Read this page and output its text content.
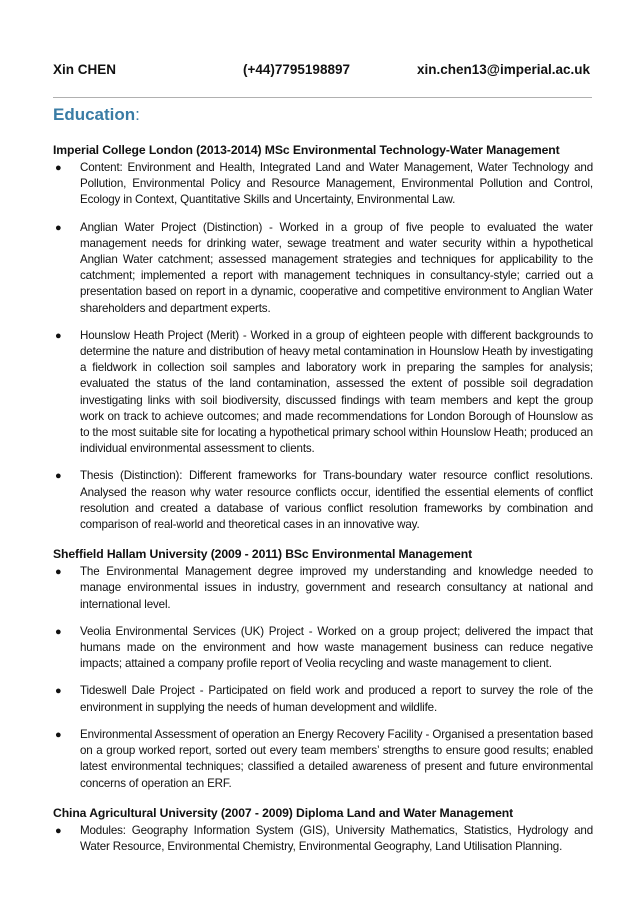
Xin CHEN	(+44)7795198897	xin.chen13@imperial.ac.uk
Education:
Imperial College London (2013-2014) MSc Environmental Technology-Water Management
● Content: Environment and Health, Integrated Land and Water Management, Water Technology and Pollution, Environmental Policy and Resource Management, Environmental Pollution and Control, Ecology in Context, Quantitative Skills and Uncertainty, Environmental Law.
● Anglian Water Project (Distinction) - Worked in a group of five people to evaluated the water management needs for drinking water, sewage treatment and water security within a hypothetical Anglian Water catchment; assessed management strategies and techniques for applicability to the catchment; implemented a report with management techniques in consultancy-style; carried out a presentation based on report in a dynamic, cooperative and competitive environment to Anglian Water shareholders and department experts.
● Hounslow Heath Project (Merit) - Worked in a group of eighteen people with different backgrounds to determine the nature and distribution of heavy metal contamination in Hounslow Heath by investigating a fieldwork in collection soil samples and laboratory work in preparing the samples for analysis; evaluated the status of the land contamination, assessed the extent of possible soil degradation investigating links with soil biodiversity, discussed findings with team members and kept the group work on track to achieve outcomes; and made recommendations for London Borough of Hounslow as to the most suitable site for locating a hypothetical primary school within Hounslow Heath; produced an individual environmental assessment to clients.
● Thesis (Distinction): Different frameworks for Trans-boundary water resource conflict resolutions. Analysed the reason why water resource conflicts occur, identified the essential elements of conflict resolution and created a database of various conflict resolution frameworks by combination and comparison of real-world and theoretical cases in an innovative way.
Sheffield Hallam University (2009 - 2011) BSc Environmental Management
● The Environmental Management degree improved my understanding and knowledge needed to manage environmental issues in industry, government and research consultancy at national and international level.
● Veolia Environmental Services (UK) Project - Worked on a group project; delivered the impact that humans made on the environment and how waste management business can reduce negative impacts; attained a company profile report of Veolia recycling and waste management to client.
● Tideswell Dale Project - Participated on field work and produced a report to survey the role of the environment in supplying the needs of human development and wildlife.
● Environmental Assessment of operation an Energy Recovery Facility - Organised a presentation based on a group worked report, sorted out every team members’ strengths to ensure good results; enabled latest environmental techniques; classified a detailed awareness of present and future environmental concerns of operation an ERF.
China Agricultural University (2007 - 2009) Diploma Land and Water Management
● Modules: Geography Information System (GIS), University Mathematics, Statistics, Hydrology and Water Resource, Environmental Chemistry, Environmental Geography, Land Utilisation Planning.
